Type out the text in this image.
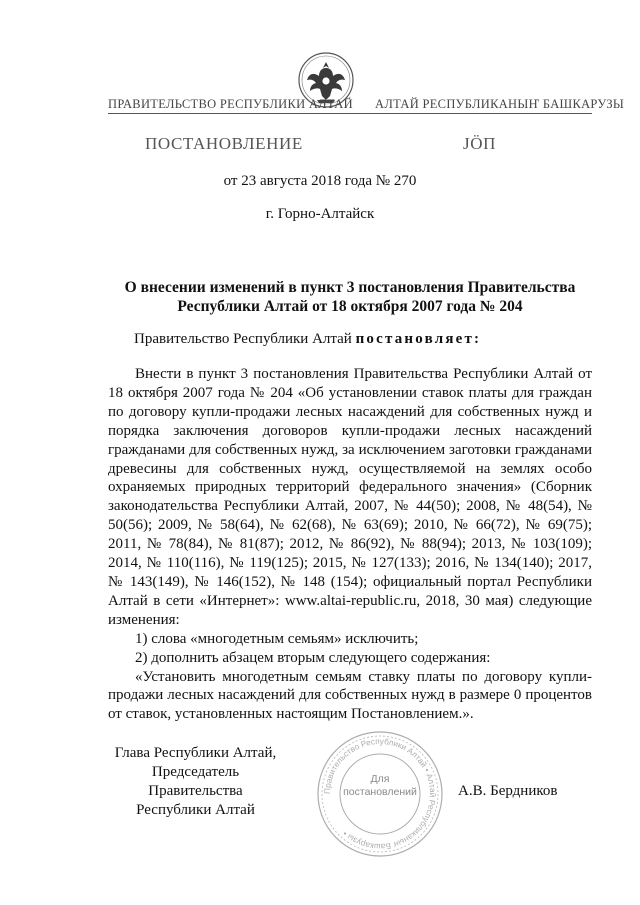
ПРАВИТЕЛЬСТВО РЕСПУБЛИКИ АЛТАЙ АЛТАЙ РЕСПУБЛИКАНЫҤ БАШКАРУЗЫ
ПОСТАНОВЛЕНИЕ	ЈӦП
от 23 августа 2018 года № 270
г. Горно-Алтайск
О внесении изменений в пункт 3 постановления Правительства
Республики Алтай от 18 октября 2007 года № 204
Правительство Республики Алтай постановляет:

Внести в пункт 3 постановления Правительства Республики Алтай от 18 октября 2007 года № 204 «Об установлении ставок платы для граждан по договору купли-продажи лесных насаждений для собственных нужд и порядка заключения договоров купли-продажи лесных насаждений гражданами для собственных нужд, за исключением заготовки гражданами древесины для собственных нужд, осуществляемой на землях особо охраняемых природных территорий федерального значения» (Сборник законодательства Республики Алтай, 2007, № 44(50); 2008, № 48(54), № 50(56); 2009, № 58(64), № 62(68), № 63(69); 2010, № 66(72), № 69(75); 2011, № 78(84), № 81(87); 2012, № 86(92), № 88(94); 2013, № 103(109); 2014, № 110(116), № 119(125); 2015, № 127(133); 2016, № 134(140); 2017, № 143(149), № 146(152), № 148 (154); официальный портал Республики Алтай в сети «Интернет»: www.altai-republic.ru, 2018, 30 мая) следующие изменения:

1) слова «многодетным семьям» исключить;

2) дополнить абзацем вторым следующего содержания:

«Установить многодетным семьям ставку платы по договору купли-продажи лесных насаждений для собственных нужд в размере 0 процентов от ставок, установленных настоящим Постановлением.».

Глава Республики Алтай,
Председатель Правительства
Республики Алтай
Правительство Республики Алтай • Алтай Республиканыҥ Башкарузы •
Для
постановлений	А.В. Бердников
